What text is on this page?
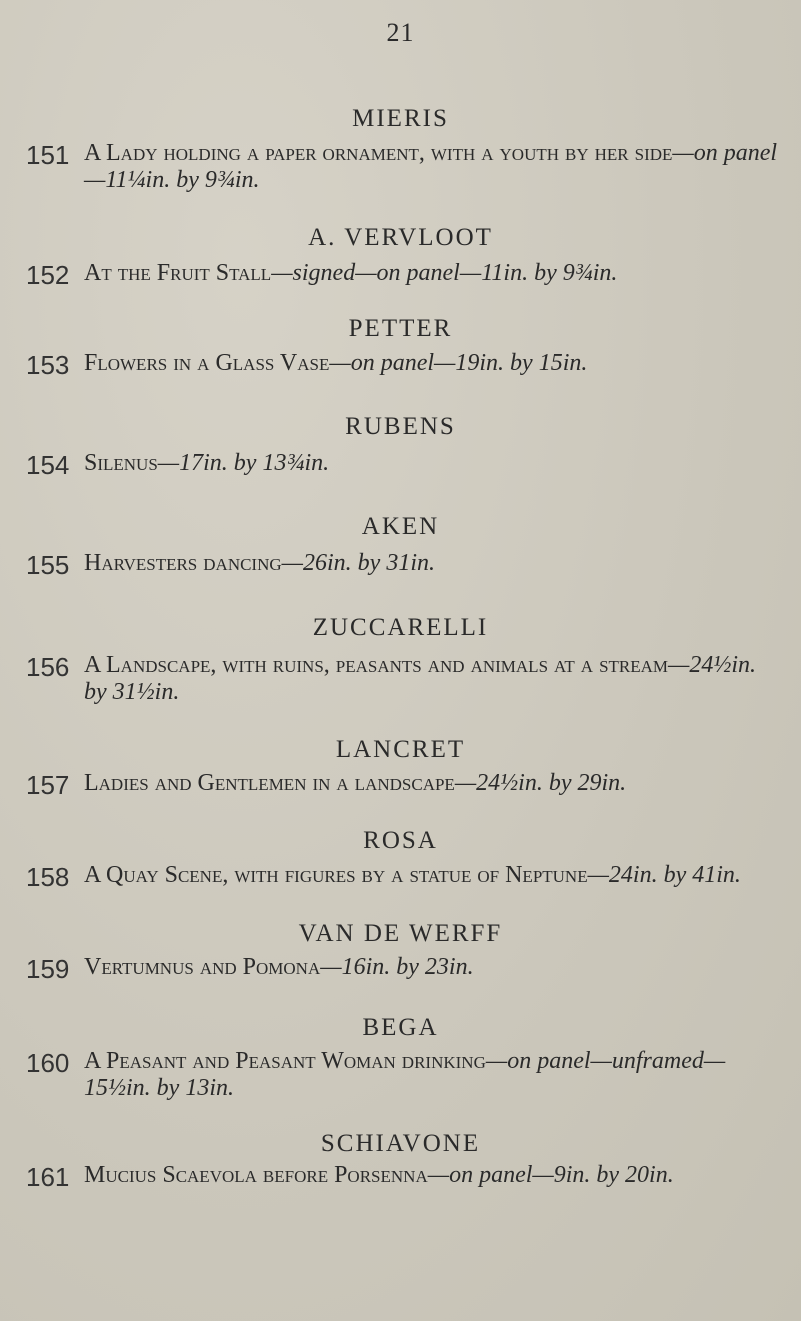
21
MIERIS
151 A Lady holding a paper ornament, with a youth by her side—on panel—11¼in. by 9¾in.
A. VERVLOOT
152 At the Fruit Stall—signed—on panel—11in. by 9¾in.
PETTER
153 Flowers in a Glass Vase—on panel—19in. by 15in.
RUBENS
154 Silenus—17in. by 13¾in.
AKEN
155 Harvesters dancing—26in. by 31in.
ZUCCARELLI
156 A Landscape, with ruins, peasants and animals at a stream—24½in. by 31½in.
LANCRET
157 Ladies and Gentlemen in a landscape—24½in. by 29in.
ROSA
158 A Quay Scene, with figures by a statue of Neptune—24in. by 41in.
VAN DE WERFF
159 Vertumnus and Pomona—16in. by 23in.
BEGA
160 A Peasant and Peasant Woman drinking—on panel—unframed—15½in. by 13in.
SCHIAVONE
161 Mucius Scaevola before Porsenna—on panel—9in. by 20in.
